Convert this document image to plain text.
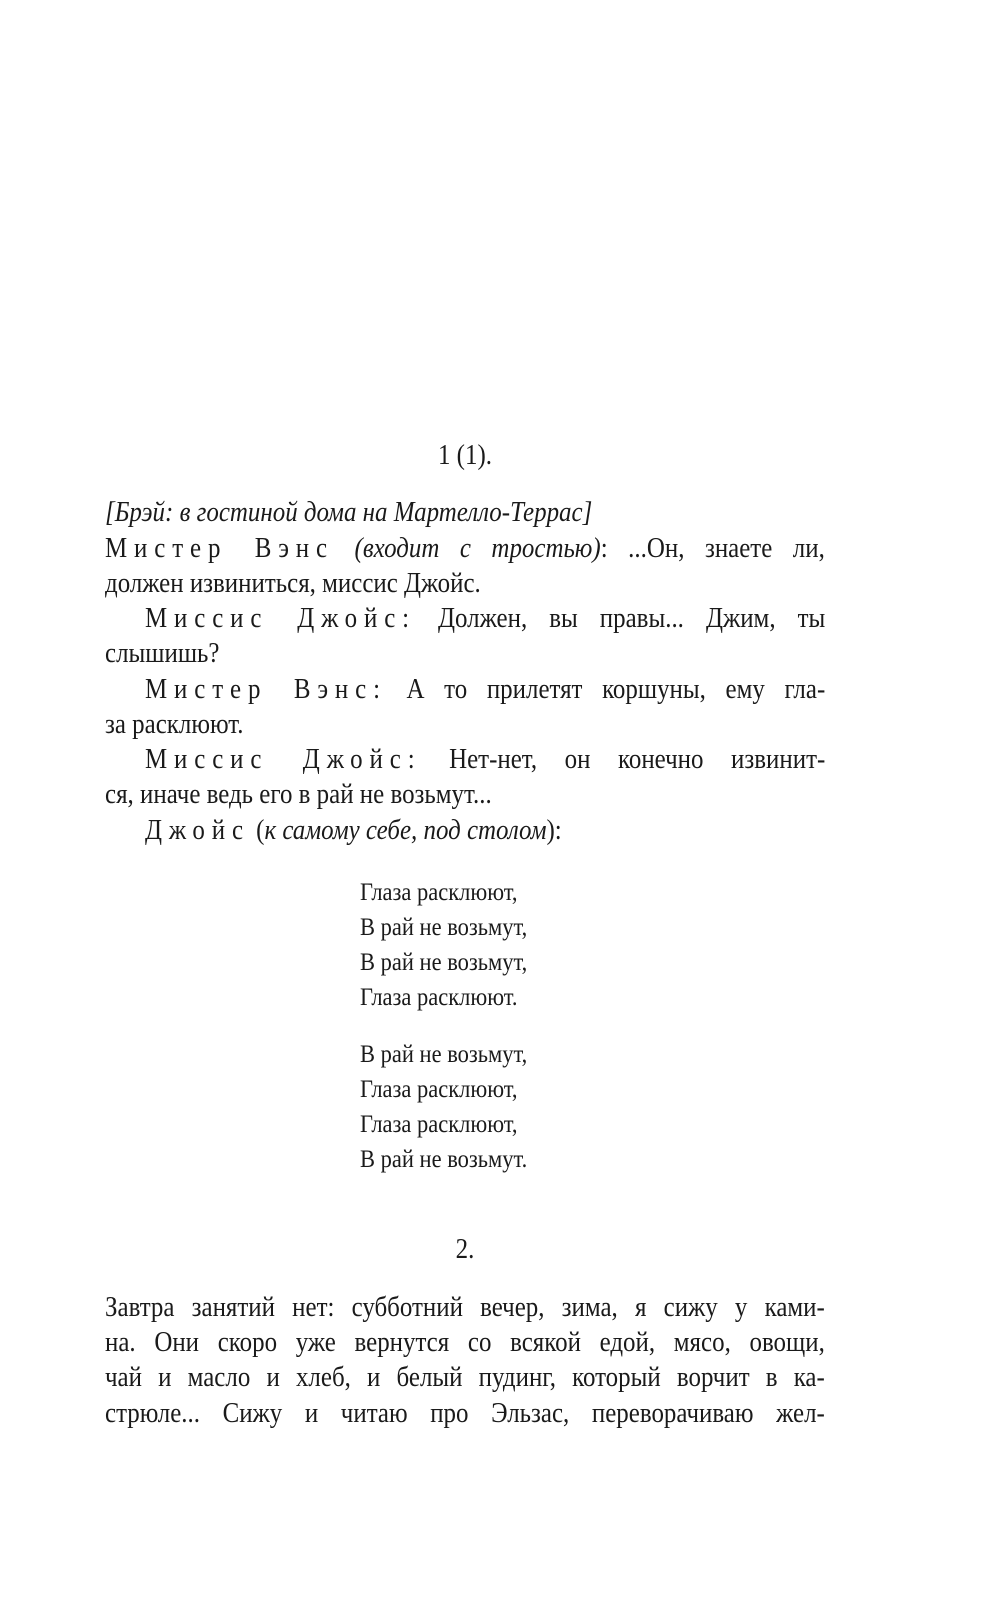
1 (1).
[Брэй: в гостиной дома на Мартелло-Террас]
Мистер Вэнс (входит с тростью): ...Он, знаете ли,
должен извиниться, миссис Джойс.
Миссис Джойс: Должен, вы правы... Джим, ты
слышишь?
Мистер Вэнс: А то прилетят коршуны, ему гла-
за расклюют.
Миссис Джойс: Нет-нет, он конечно извинит-
ся, иначе ведь его в рай не возьмут...
Джойс (к самому себе, под столом):
Глаза расклюют,
В рай не возьмут,
В рай не возьмут,
Глаза расклюют.
В рай не возьмут,
Глаза расклюют,
Глаза расклюют,
В рай не возьмут.
2.
Завтра занятий нет: субботний вечер, зима, я сижу у ками-
на. Они скоро уже вернутся со всякой едой, мясо, овощи,
чай и масло и хлеб, и белый пудинг, который ворчит в ка-
стрюле... Сижу и читаю про Эльзас, переворачиваю жел-
